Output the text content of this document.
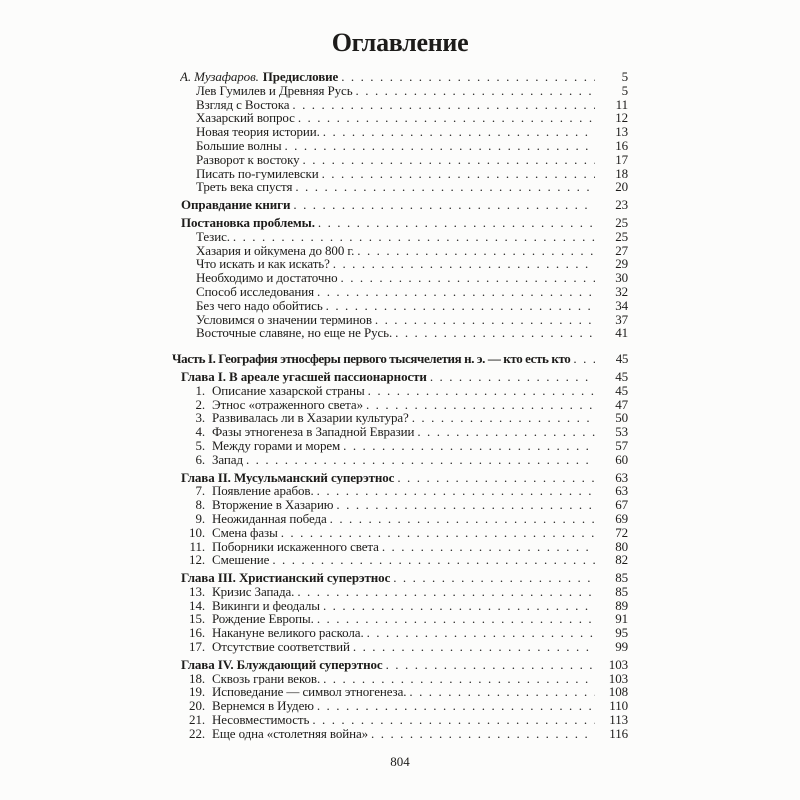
Оглавление
А. Музафаров. Предисловие . . .	5
Лев Гумилев и Древняя Русь . . .	5
Взгляд с Востока . . .	11
Хазарский вопрос . . .	12
Новая теория истории. . . .	13
Большие волны . . .	16
Разворот к востоку . . .	17
Писать по-гумилевски . . .	18
Треть века спустя . . .	20
Оправдание книги . . .	23
Постановка проблемы. . . .	25
Тезис. . . .	25
Хазария и ойкумена до 800 г. . . .	27
Что искать и как искать? . . .	29
Необходимо и достаточно . . .	30
Способ исследования . . .	32
Без чего надо обойтись . . .	34
Условимся о значении терминов . . .	37
Восточные славяне, но еще не Русь. . . .	41
Часть I. География этносферы первого тысячелетия н. э. — кто есть кто . . .	45
Глава I. В ареале угасшей пассионарности . . .	45
1. Описание хазарской страны . . .	45
2. Этнос «отраженного света» . . .	47
3. Развивалась ли в Хазарии культура? . . .	50
4. Фазы этногенеза в Западной Евразии . . .	53
5. Между горами и морем . . .	57
6. Запад . . .	60
Глава II. Мусульманский суперэтнос . . .	63
7. Появление арабов. . . .	63
8. Вторжение в Хазарию . . .	67
9. Неожиданная победа . . .	69
10. Смена фазы . . .	72
11. Поборники искаженного света . . .	80
12. Смешение . . .	82
Глава III. Христианский суперэтнос . . .	85
13. Кризис Запада. . . .	85
14. Викинги и феодалы . . .	89
15. Рождение Европы. . . .	91
16. Накануне великого раскола. . . .	95
17. Отсутствие соответствий . . .	99
Глава IV. Блуждающий суперэтнос . . .	103
18. Сквозь грани веков. . . .	103
19. Исповедание — символ этногенеза. . . .	108
20. Вернемся в Иудею . . .	110
21. Несовместимость . . .	113
22. Еще одна «столетняя война» . . .	116
804
